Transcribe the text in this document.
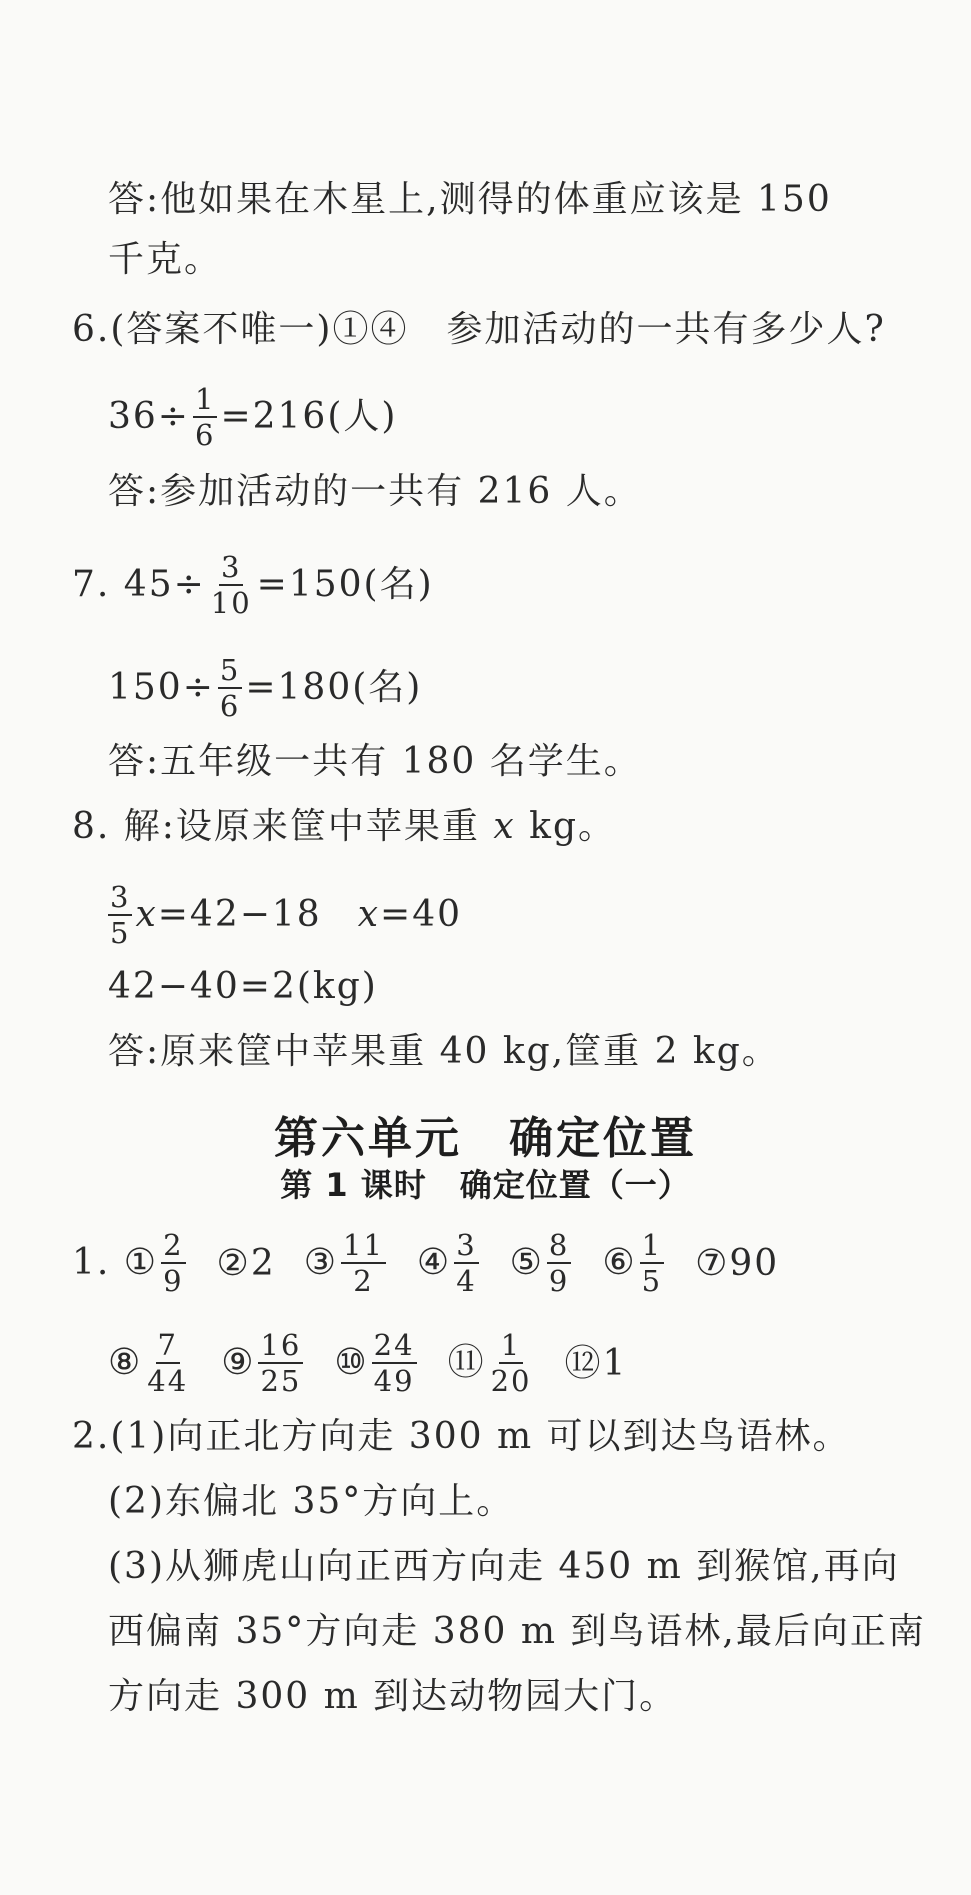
答:他如果在木星上,测得的体重应该是 150
千克。
6.(答案不唯一)①④　参加活动的一共有多少人?
$36\div \frac{1}{6} =216$(人)
答:参加活动的一共有 216 人。
7. $45\div \frac{3}{10} =150$(名)
$150\div \frac{5}{6} =180$(名)
答:五年级一共有 180 名学生。
8. 解:设原来筐中苹果重 x kg。
$\frac{3}{5} x=42-18$ x=40
42−40=2(kg)
答:原来筐中苹果重 40 kg,筐重 2 kg。
第六单元　确定位置
第 1 课时　确定位置（一）
1. ① $\frac{2}{9}$ ②2 ③ $\frac{11}{2}$ ④ $\frac{3}{4}$ ⑤ $\frac{8}{9}$ ⑥ $\frac{1}{5}$ ⑦90
⑧ $\frac{7}{44}$ ⑨ $\frac{16}{25}$ ⑩ $\frac{24}{49}$ ⑪ $\frac{1}{20}$ ⑫1
2.(1)向正北方向走 300 m 可以到达鸟语林。
(2)东偏北 35°方向上。
(3)从狮虎山向正西方向走 450 m 到猴馆,再向
西偏南 35°方向走 380 m 到鸟语林,最后向正南
方向走 300 m 到达动物园大门。
